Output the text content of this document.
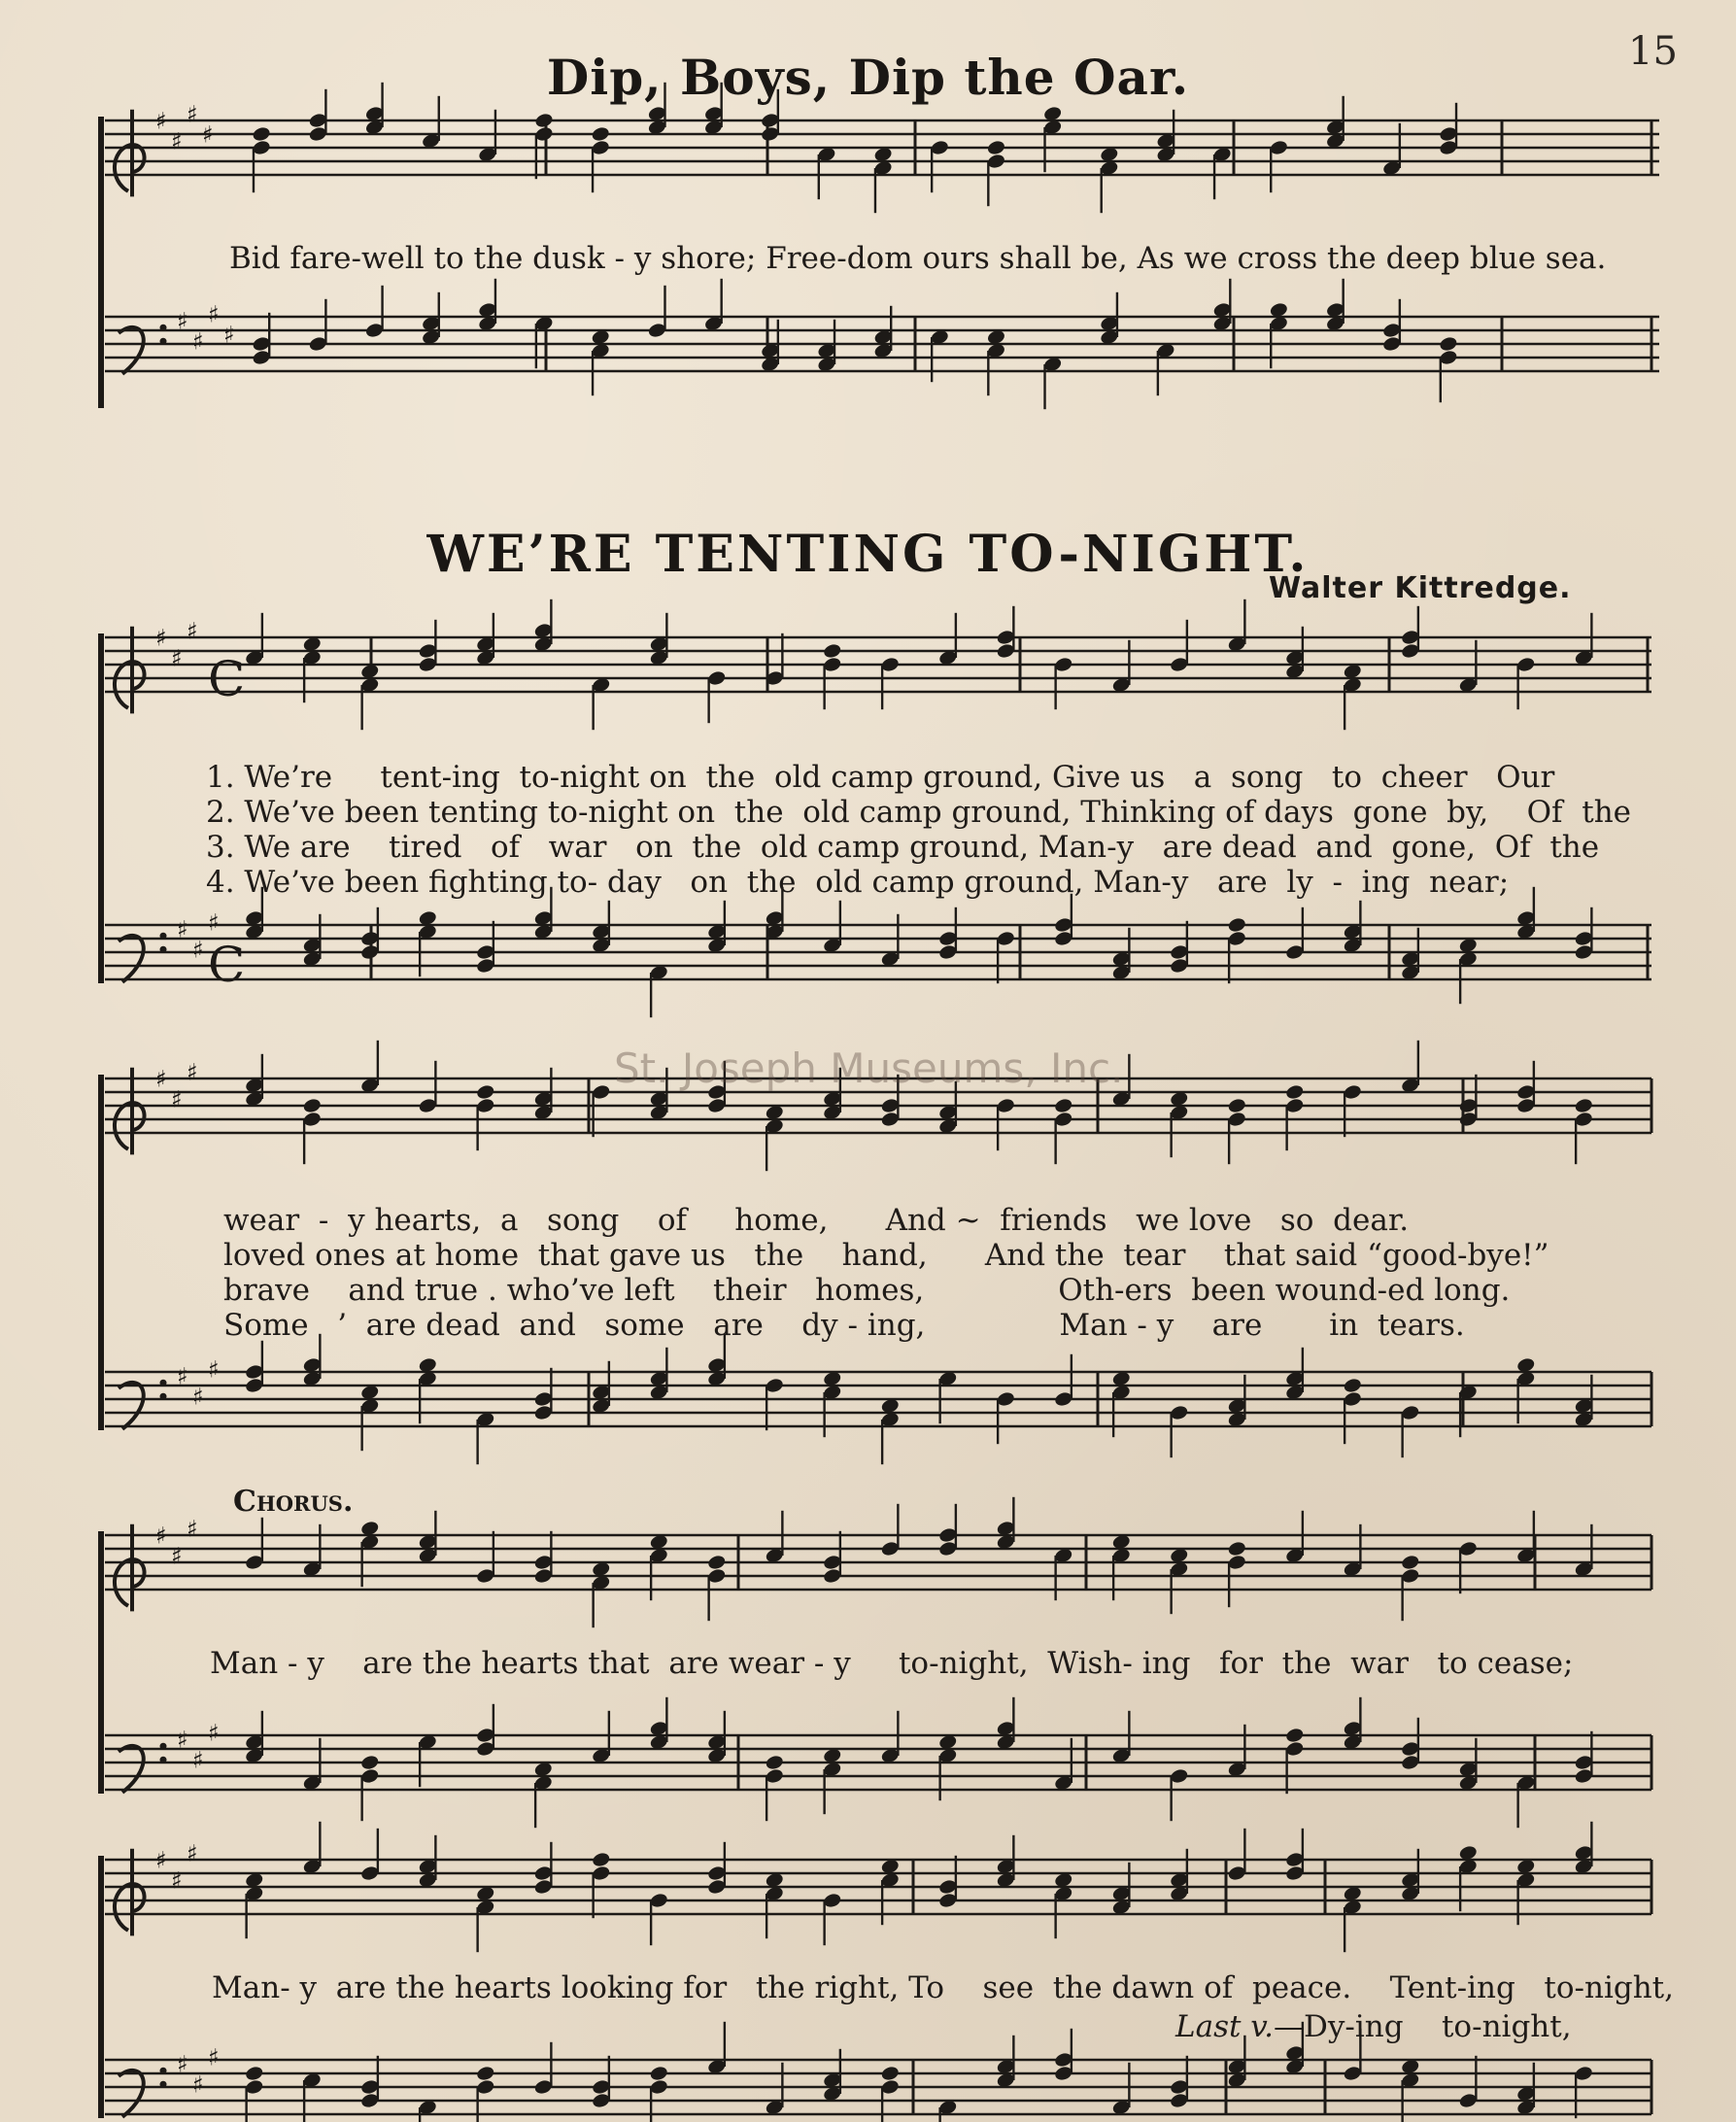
15
Dip, Boys, Dip the Oar.
WE’RE TENTING TO-NIGHT.
Walter Kittredge.
♯
♯
♯
♯
♯
♯
♯
♯
♯
♯
♯
♯
♯
♯
♯
♯
♯
♯
♯
♯
♯
♯
♯
♯
♯
♯
♯
♯
♯
♯
♯
♯
C
C
St. Joseph Museums, Inc.
Bid fare-well to the dusk - y shore; Free-dom ours shall be, As we cross the deep blue sea.
1. We’re     tent-ing  to-night on  the  old camp ground, Give us   a  song   to  cheer   Our
2. We’ve been tenting to-night on  the  old camp ground, Thinking of days  gone  by,    Of  the
3. We are    tired   of   war   on  the  old camp ground, Man-y   are dead  and  gone,  Of  the
4. We’ve been fighting to- day   on  the  old camp ground, Man-y   are  ly  -  ing  near;
wear  -  y hearts,  a   song    of     home,      And ~  friends   we love   so  dear.
loved ones at home  that gave us   the    hand,      And the  tear    that said “good-bye!”
brave    and true . who’ve left    their   homes,              Oth-ers  been wound-ed long.
Some   ’  are dead  and   some   are    dy - ing,              Man - y    are       in  tears.
Chorus.
Man - y    are the hearts that  are wear - y     to-night,  Wish- ing   for  the  war   to cease;
Man- y  are the hearts looking for   the right, To    see  the dawn of  peace.    Tent-ing   to-night,
Last v.—Dy-ing    to-night,
